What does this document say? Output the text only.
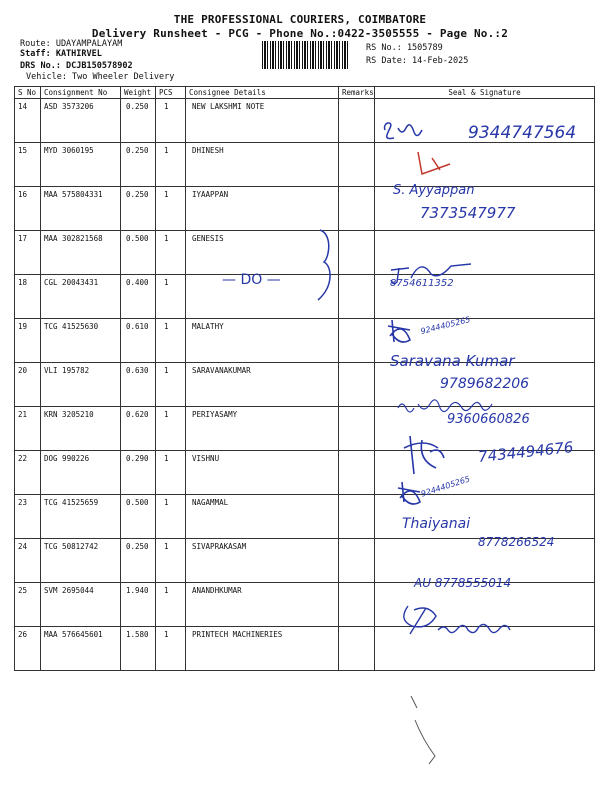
THE PROFESSIONAL COURIERS, COIMBATORE
Delivery Runsheet - PCG - Phone No.:0422-3505555 - Page No.:2
Route: UDAYAMPALAYAM
Staff: KATHIRVEL
DRS No.: DCJB150578902
Vehicle: Two Wheeler Delivery
RS No.: 1505789
RS Date: 14-Feb-2025
S No	Consignment No	Weight	PCS	Consignee Details	Remarks	Seal & Signature
14	ASD 3573206	0.250	1	NEW LAKSHMI NOTE		
15	MYD 3060195	0.250	1	DHINESH		
16	MAA 575804331	0.250	1	IYAAPPAN		
17	MAA 302821568	0.500	1	GENESIS		
18	CGL 20043431	0.400	1			
19	TCG 41525630	0.610	1	MALATHY		
20	VLI 195782	0.630	1	SARAVANAKUMAR		
21	KRN 3205210	0.620	1	PERIYASAMY		
22	DOG 990226	0.290	1	VISHNU		
23	TCG 41525659	0.500	1	NAGAMMAL		
24	TCG 50812742	0.250	1	SIVAPRAKASAM		
25	SVM 2695044	1.940	1	ANANDHKUMAR		
26	MAA 576645601	1.580	1	PRINTECH MACHINERIES		
9344747564
S. Ayyappan
7373547977
— DO —	8754611352
9244405265
Saravana Kumar
9789682206
9360660826
7434494676
9244405265
Thaiyanai
8778266524
AU 8778555014
